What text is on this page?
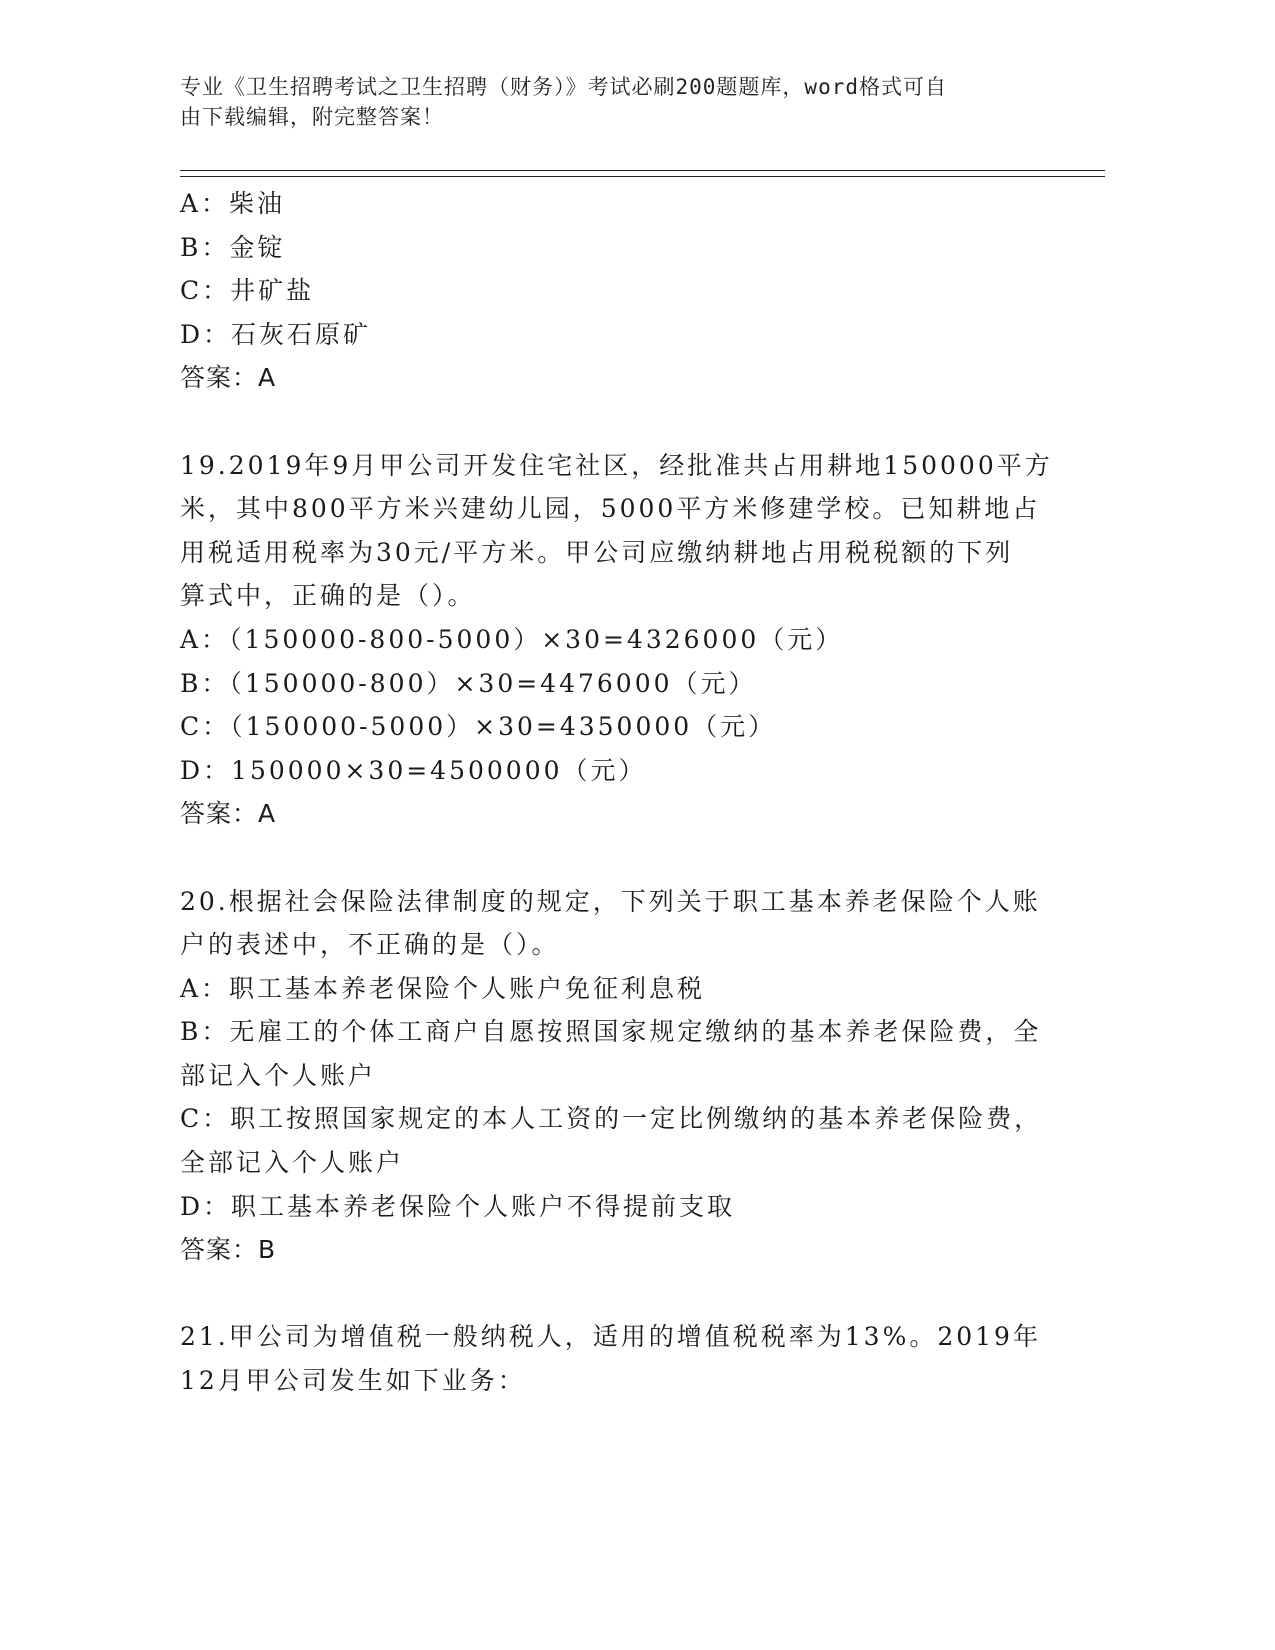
专业《卫生招聘考试之卫生招聘（财务）》考试必刷200题题库，word格式可自
由下载编辑，附完整答案！
A：柴油
B：金锭
C：井矿盐
D：石灰石原矿
答案：A
19.2019年9月甲公司开发住宅社区，经批准共占用耕地150000平方
米，其中800平方米兴建幼儿园，5000平方米修建学校。已知耕地占
用税适用税率为30元/平方米。甲公司应缴纳耕地占用税税额的下列
算式中，正确的是（）。
A：（150000-800-5000）×30=4326000（元）
B：（150000-800）×30=4476000（元）
C：（150000-5000）×30=4350000（元）
D：150000×30=4500000（元）
答案：A
20.根据社会保险法律制度的规定，下列关于职工基本养老保险个人账
户的表述中，不正确的是（）。
A：职工基本养老保险个人账户免征利息税
B：无雇工的个体工商户自愿按照国家规定缴纳的基本养老保险费，全
部记入个人账户
C：职工按照国家规定的本人工资的一定比例缴纳的基本养老保险费，
全部记入个人账户
D：职工基本养老保险个人账户不得提前支取
答案：B
21.甲公司为增值税一般纳税人，适用的增值税税率为13%。2019年
12月甲公司发生如下业务：
